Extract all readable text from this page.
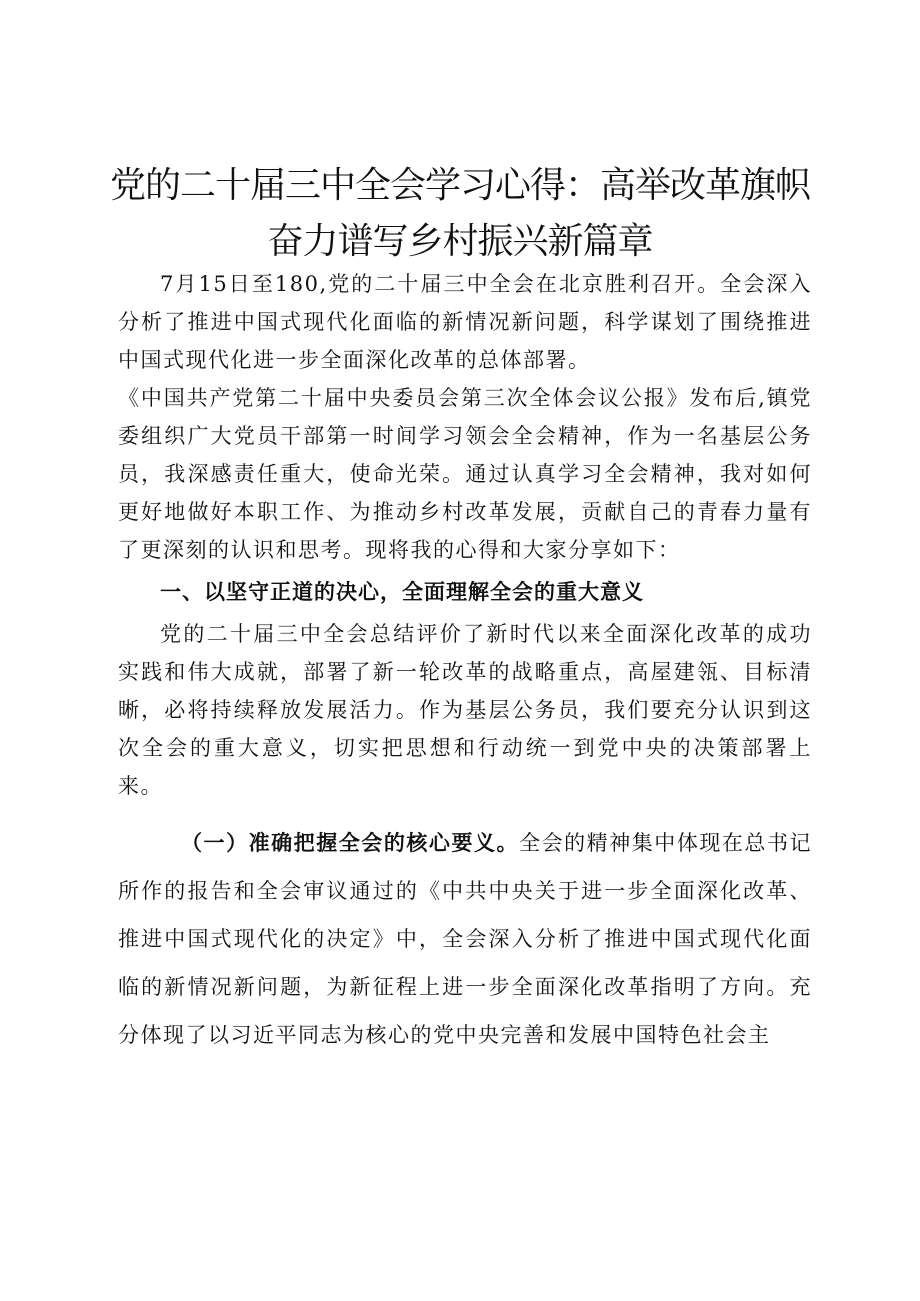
党的二十届三中全会学习心得：高举改革旗帜
奋力谱写乡村振兴新篇章

7月15日至180,党的二十届三中全会在北京胜利召开。全会深入分析了推进中国式现代化面临的新情况新问题，科学谋划了围绕推进中国式现代化进一步全面深化改革的总体部署。

《中国共产党第二十届中央委员会第三次全体会议公报》发布后,镇党委组织广大党员干部第一时间学习领会全会精神，作为一名基层公务员，我深感责任重大，使命光荣。通过认真学习全会精神，我对如何更好地做好本职工作、为推动乡村改革发展，贡献自己的青春力量有了更深刻的认识和思考。现将我的心得和大家分享如下：

一、以坚守正道的决心，全面理解全会的重大意义

党的二十届三中全会总结评价了新时代以来全面深化改革的成功实践和伟大成就，部署了新一轮改革的战略重点，高屋建瓴、目标清晰，必将持续释放发展活力。作为基层公务员，我们要充分认识到这次全会的重大意义，切实把思想和行动统一到党中央的决策部署上来。

（一）准确把握全会的核心要义。全会的精神集中体现在总书记所作的报告和全会审议通过的《中共中央关于进一步全面深化改革、推进中国式现代化的决定》中，全会深入分析了推进中国式现代化面临的新情况新问题，为新征程上进一步全面深化改革指明了方向。充分体现了以习近平同志为核心的党中央完善和发展中国特色社会主
